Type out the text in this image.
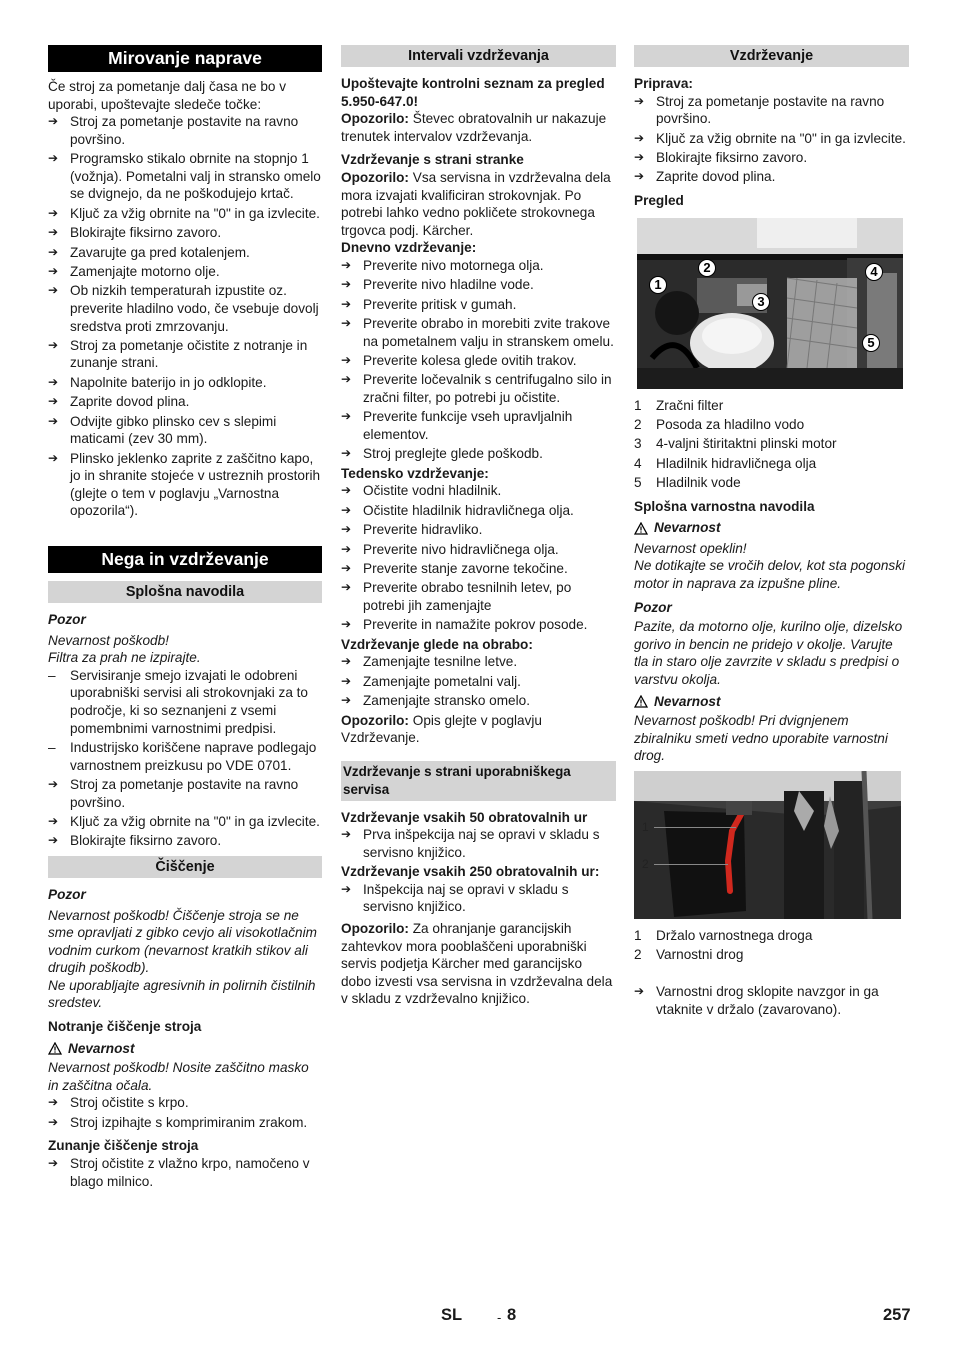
Mirovanje naprave

Če stroj za pometanje dalj časa ne bo v uporabi, upoštevajte sledeče točke:

➔ Stroj za pometanje postavite na ravno površino.
➔ Programsko stikalo obrnite na stopnjo 1 (vožnja). Pometalni valj in stransko omelo se dvignejo, da ne poškodujejo krtač.
➔ Ključ za vžig obrnite na "0" in ga izvlecite.
➔ Blokirajte fiksirno zavoro.
➔ Zavarujte ga pred kotalenjem.
➔ Zamenjajte motorno olje.
➔ Ob nizkih temperaturah izpustite oz. preverite hladilno vodo, če vsebuje dovolj sredstva proti zmrzovanju.
➔ Stroj za pometanje očistite z notranje in zunanje strani.
➔ Napolnite baterijo in jo odklopite.
➔ Zaprite dovod plina.
➔ Odvijte gibko plinsko cev s slepimi maticami (zev 30 mm).
➔ Plinsko jeklenko zaprite z zaščitno kapo, jo in shranite stojeće v ustreznih prostorih (glejte o tem v poglavju „Varnostna opozorila“).
Nega in vzdrževanje
Splošna navodila

Pozor

Nevarnost poškodb!

Filtra za prah ne izpirajte.

–	Servisiranje smejo izvajati le odobreni uporabniški servisi ali strokovnjaki za to področje, ki so seznanjeni z vsemi pomembnimi varnostnimi predpisi.
–	Industrijsko koriščene naprave podlegajo varnostnem preizkusu po VDE 0701.
➔ Stroj za pometanje postavite na ravno površino.
➔ Ključ za vžig obrnite na "0" in ga izvlecite.
➔ Blokirajte fiksirno zavoro.
Čiščenje

Pozor

Nevarnost poškodb! Čiščenje stroja se ne sme opravljati z gibko cevjo ali visokotlačnim vodnim curkom (nevarnost kratkih stikov ali drugih poškodb).

Ne uporabljajte agresivnih in polirnih čistilnih sredstev.

Notranje čiščenje stroja

Nevarnost

Nevarnost poškodb! Nosite zaščitno masko in zaščitna očala.

➔ Stroj očistite s krpo.
➔ Stroj izpihajte s komprimiranim zrakom.

Zunanje čiščenje stroja

➔ Stroj očistite z vlažno krpo, namočeno v blago milnico.
Intervali vzdrževanja

Upoštevajte kontrolni seznam za pregled 5.950-647.0!

Opozorilo: Števec obratovalnih ur nakazuje trenutek intervalov vzdrževanja.

Vzdrževanje s strani stranke

Opozorilo: Vsa servisna in vzdrževalna dela mora izvajati kvalificiran strokovnjak. Po potrebi lahko vedno pokličete strokovnega trgovca podj. Kärcher.

Dnevno vzdrževanje:

➔ Preverite nivo motornega olja.
➔ Preverite nivo hladilne vode.
➔ Preverite pritisk v gumah.
➔ Preverite obrabo in morebiti zvite trakove na pometalnem valju in stranskem omelu.
➔ Preverite kolesa glede ovitih trakov.
➔ Preverite ločevalnik s centrifugalno silo in zračni filter, po potrebi ju očistite.
➔ Preverite funkcije vseh upravljalnih elementov.
➔ Stroj preglejte glede poškodb.

Tedensko vzdrževanje:

➔ Očistite vodni hladilnik.
➔ Očistite hladilnik hidravličnega olja.
➔ Preverite hidravliko.
➔ Preverite nivo hidravličnega olja.
➔ Preverite stanje zavorne tekočine.
➔ Preverite obrabo tesnilnih letev, po potrebi jih zamenjajte
➔ Preverite in namažite pokrov posode.

Vzdrževanje glede na obrabo:

➔ Zamenjajte tesnilne letve.
➔ Zamenjajte pometalni valj.
➔ Zamenjajte stransko omelo.

Opozorilo: Opis glejte v poglavju Vzdrževanje.

Vzdrževanje s strani uporabniškega servisa

Vzdrževanje vsakih 50 obratovalnih ur

➔ Prva inšpekcija naj se opravi v skladu s servisno knjižico.

Vzdrževanje vsakih 250 obratovalnih ur:

➔ Inšpekcija naj se opravi v skladu s servisno knjižico.

Opozorilo: Za ohranjanje garancijskih zahtevkov mora pooblaščeni uporabniški servis podjetja Kärcher med garancijsko dobo izvesti vsa servisna in vzdrževalna dela v skladu z vzdrževalno knjižico.

Vzdrževanje

Priprava:

➔ Stroj za pometanje postavite na ravno površino.
➔ Ključ za vžig obrnite na "0" in ga izvlecite.
➔ Blokirajte fiksirno zavoro.
➔ Zaprite dovod plina.

Pregled

1
2
3
4
5
1	Zračni filter
2	Posoda za hladilno vodo
3	4-valjni štiritaktni plinski motor
4	Hladilnik hidravličnega olja
5	Hladilnik vode

Splošna varnostna navodila

Nevarnost

Nevarnost opeklin!

Ne dotikajte se vročih delov, kot sta pogonski motor in naprava za izpušne pline.

Pozor

Pazite, da motorno olje, kurilno olje, dizelsko gorivo in bencin ne pridejo v okolje. Varujte tla in staro olje zavrzite v skladu s predpisi o varstvu okolja.

Nevarnost

Nevarnost poškodb! Pri dvignjenem zbiralniku smeti vedno uporabite varnostni drog.

1
2
1	Držalo varnostnega droga
2	Varnostni drog
➔ Varnostni drog sklopite navzgor in ga vtaknite v držalo (zavarovano).
SL	- 8	257
